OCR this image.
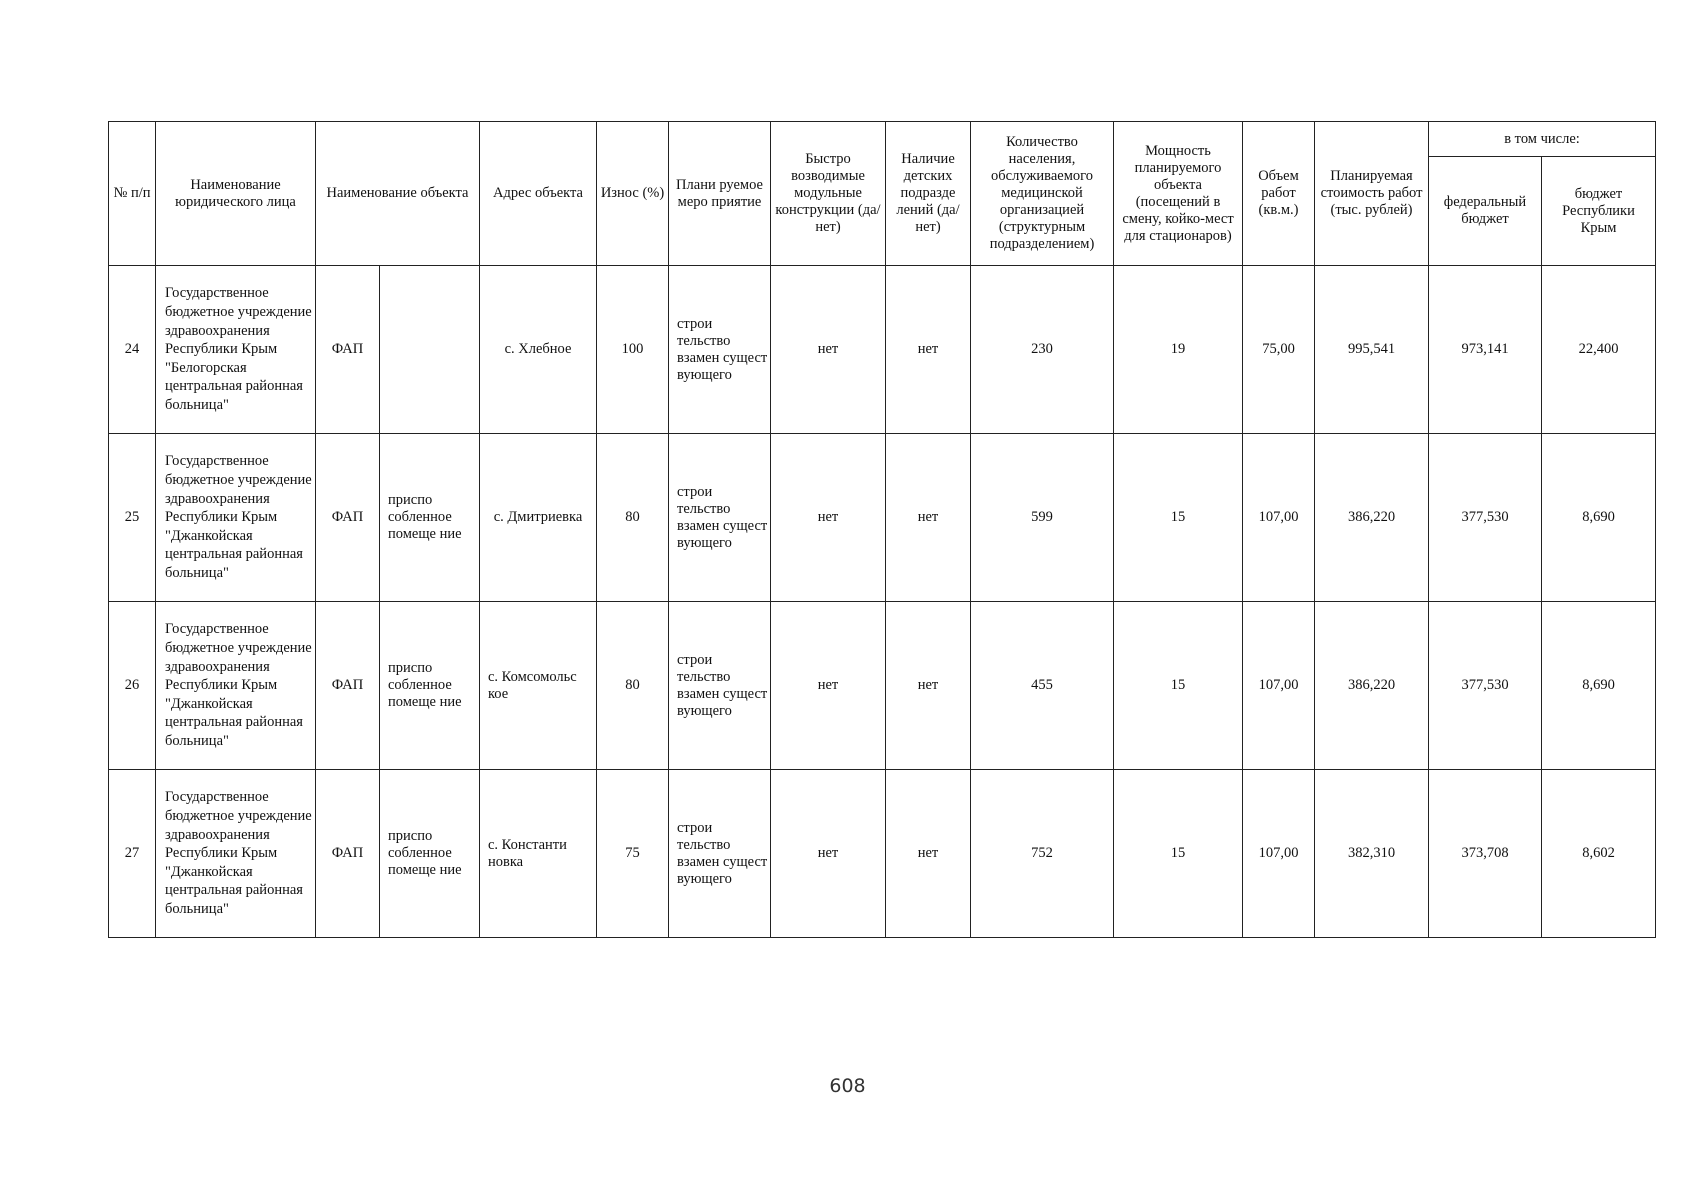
№ п/п	Наименование юридического лица	Наименование объекта		Адрес объекта	Износ (%)	Плани руемое меро приятие	Быстро возводимые модульные конструкции (да/нет)	Наличие детских подразде лений (да/нет)	Количество населения, обслуживаемого медицинской организацией (структурным подразделением)	Мощность планируемого объекта (посещений в смену, койко-мест для стационаров)	Объем работ (кв.м.)	Планируемая стоимость работ (тыс. рублей)	в том числе:	
													федеральный бюджет	бюджет Республики Крым
24	Государственное бюджетное учреждение здравоохранения Республики Крым "Белогорская центральная районная больница"	ФАП		с. Хлебное	100	строи тельство взамен сущест вующего	нет	нет	230	19	75,00	995,541	973,141	22,400
25	Государственное бюджетное учреждение здравоохранения Республики Крым "Джанкойская центральная районная больница"	ФАП	приспо собленное помеще ние	с. Дмитриевка	80	строи тельство взамен сущест вующего	нет	нет	599	15	107,00	386,220	377,530	8,690
26	Государственное бюджетное учреждение здравоохранения Республики Крым "Джанкойская центральная районная больница"	ФАП	приспо собленное помеще ние	с. Комсомольс кое	80	строи тельство взамен сущест вующего	нет	нет	455	15	107,00	386,220	377,530	8,690
27	Государственное бюджетное учреждение здравоохранения Республики Крым "Джанкойская центральная районная больница"	ФАП	приспо собленное помеще ние	с. Константи новка	75	строи тельство взамен сущест вующего	нет	нет	752	15	107,00	382,310	373,708	8,602
608
